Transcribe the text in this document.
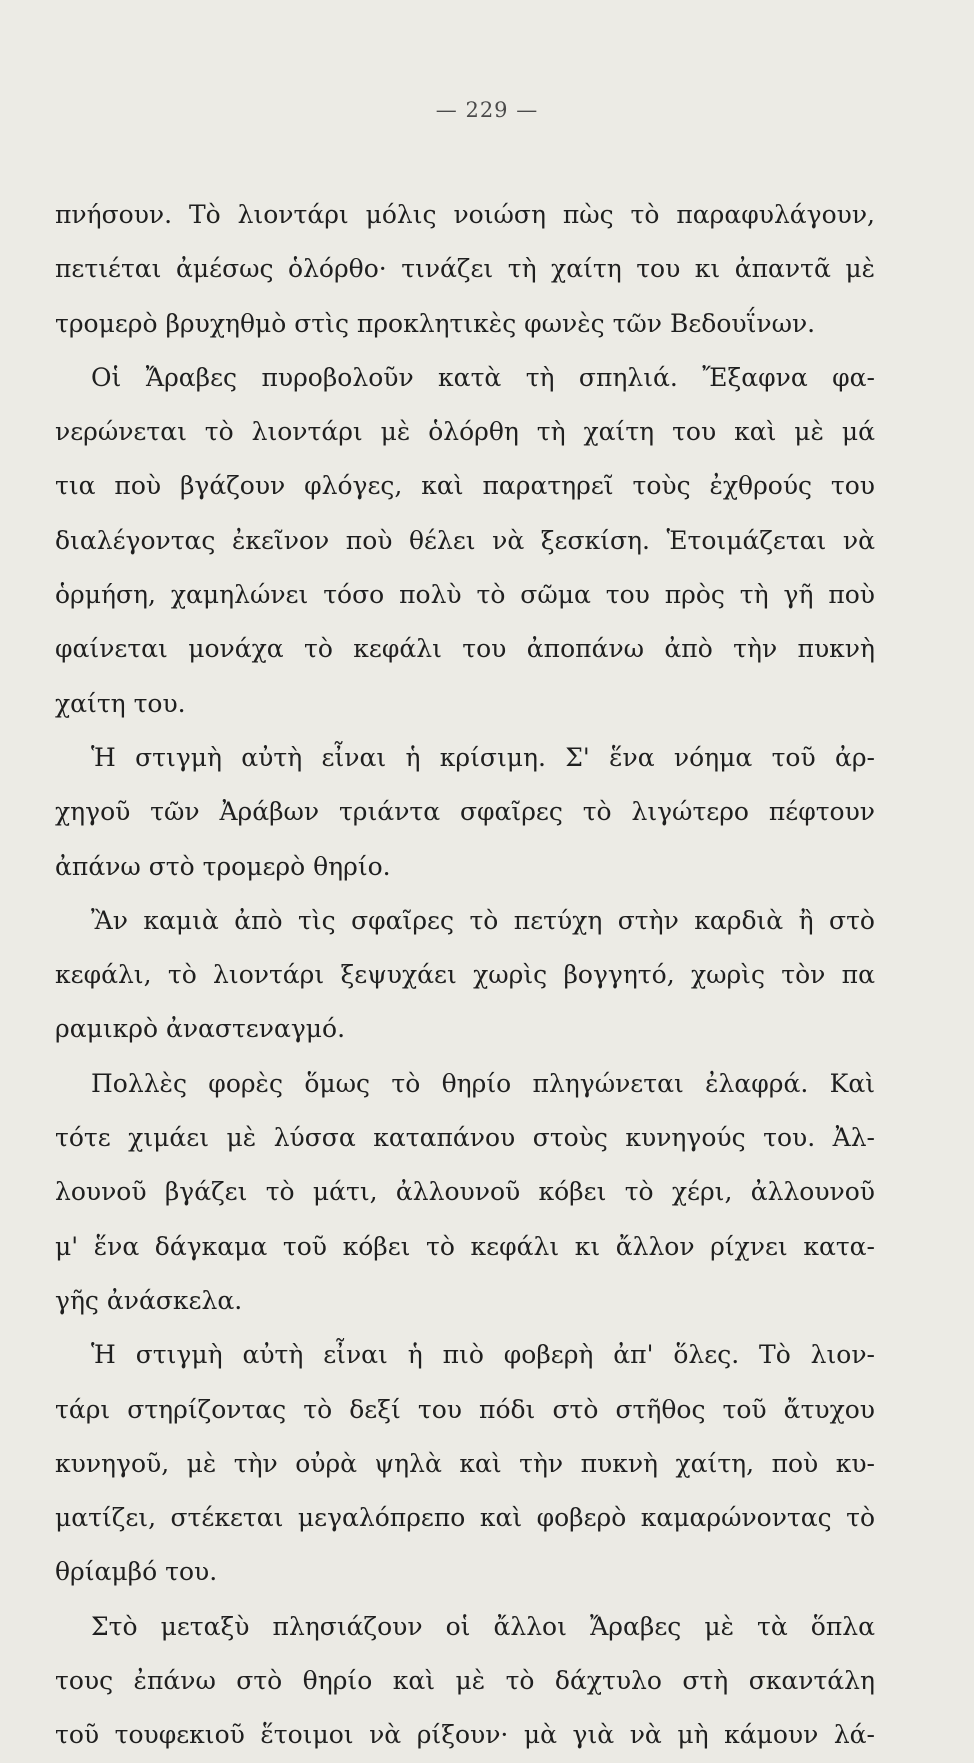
— 229 —
πνήσουν. Τὸ λιοντάρι μόλις νοιώση πὼς τὸ παραφυλάγουν,
πετιέται ἀμέσως ὁλόρθο· τινάζει τὴ χαίτη του κι ἀπαντᾶ μὲ
τρομερὸ βρυχηθμὸ στὶς προκλητικὲς φωνὲς τῶν Βεδουΐνων.
Οἱ Ἄραβες πυροβολοῦν κατὰ τὴ σπηλιά. Ἔξαφνα φα-
νερώνεται τὸ λιοντάρι μὲ ὁλόρθη τὴ χαίτη του καὶ μὲ μά
τια ποὺ βγάζουν φλόγες, καὶ παρατηρεῖ τοὺς ἐχθρούς του
διαλέγοντας ἐκεῖνον ποὺ θέλει νὰ ξεσκίση. Ἑτοιμάζεται νὰ
ὁρμήση, χαμηλώνει τόσο πολὺ τὸ σῶμα του πρὸς τὴ γῆ ποὺ
φαίνεται μονάχα τὸ κεφάλι του ἀποπάνω ἀπὸ τὴν πυκνὴ
χαίτη του.
Ἡ στιγμὴ αὐτὴ εἶναι ἡ κρίσιμη. Σ' ἕνα νόημα τοῦ ἀρ-
χηγοῦ τῶν Ἀράβων τριάντα σφαῖρες τὸ λιγώτερο πέφτουν
ἀπάνω στὸ τρομερὸ θηρίο.
Ἂν καμιὰ ἀπὸ τὶς σφαῖρες τὸ πετύχη στὴν καρδιὰ ἢ στὸ
κεφάλι, τὸ λιοντάρι ξεψυχάει χωρὶς βογγητό, χωρὶς τὸν πα
ραμικρὸ ἀναστεναγμό.
Πολλὲς φορὲς ὅμως τὸ θηρίο πληγώνεται ἐλαφρά. Καὶ
τότε χιμάει μὲ λύσσα καταπάνου στοὺς κυνηγούς του. Ἀλ-
λουνοῦ βγάζει τὸ μάτι, ἀλλουνοῦ κόβει τὸ χέρι, ἀλλουνοῦ
μ' ἕνα δάγκαμα τοῦ κόβει τὸ κεφάλι κι ἄλλον ρίχνει κατα-
γῆς ἀνάσκελα.
Ἡ στιγμὴ αὐτὴ εἶναι ἡ πιὸ φοβερὴ ἀπ' ὅλες. Τὸ λιον-
τάρι στηρίζοντας τὸ δεξί του πόδι στὸ στῆθος τοῦ ἄτυχου
κυνηγοῦ, μὲ τὴν οὐρὰ ψηλὰ καὶ τὴν πυκνὴ χαίτη, ποὺ κυ-
ματίζει, στέκεται μεγαλόπρεπο καὶ φοβερὸ καμαρώνοντας τὸ
θρίαμβό του.
Στὸ μεταξὺ πλησιάζουν οἱ ἄλλοι Ἄραβες μὲ τὰ ὅπλα
τους ἐπάνω στὸ θηρίο καὶ μὲ τὸ δάχτυλο στὴ σκαντάλη
τοῦ τουφεκιοῦ ἕτοιμοι νὰ ρίξουν· μὰ γιὰ νὰ μὴ κάμουν λά-
